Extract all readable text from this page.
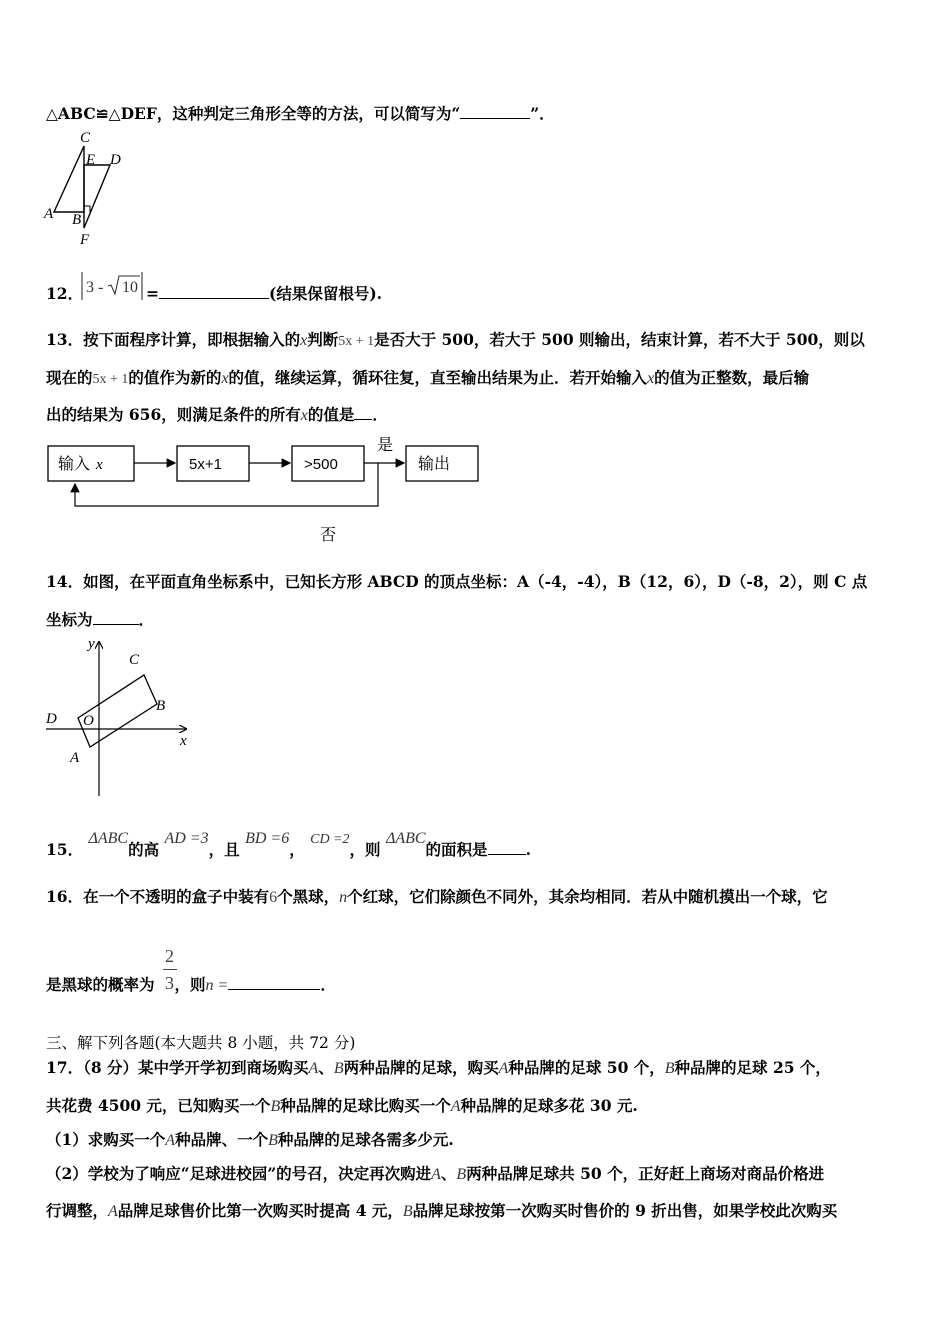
△ABC≌△DEF，这种判定三角形全等的方法，可以简写为“	”．
C
E D
A B
F
12． 3 - 10 =	(结果保留根号).
13．按下面程序计算，即根据输入的x判断5x + 1是否大于 500，若大于 500 则输出，结束计算，若不大于 500，则以
现在的5x + 1的值作为新的x的值，继续运算，循环往复，直至输出结果为止．若开始输入x的值为正整数，最后输
出的结果为 656，则满足条件的所有x的值是 ．
输入 x	5x+1	>500
是
输出
否
14．如图，在平面直角坐标系中，已知长方形 ABCD 的顶点坐标：A（-4，-4），B（12，6），D（-8，2），则 C 点
坐标为	．
y
x
C
B
D O
A
15． ΔABC的高 AD =3，且 BD =6， CD =2，则 ΔABC的面积是 .
16．在一个不透明的盒子中装有6个黑球，n个红球，它们除颜色不同外，其余均相同．若从中随机摸出一个球，它
2
3
是黑球的概率为 ，则n =	．
三、解下列各题(本大题共 8 小题，共 72 分)
17．（8 分）某中学开学初到商场购买A、B两种品牌的足球，购买A种品牌的足球 50 个，B种品牌的足球 25 个，
共花费 4500 元，已知购买一个B种品牌的足球比购买一个A种品牌的足球多花 30 元.
（1）求购买一个A种品牌、一个B种品牌的足球各需多少元.
（2）学校为了响应“足球进校园”的号召，决定再次购进A、B两种品牌足球共 50 个，正好赶上商场对商品价格进
行调整，A品牌足球售价比第一次购买时提高 4 元，B品牌足球按第一次购买时售价的 9 折出售，如果学校此次购买
